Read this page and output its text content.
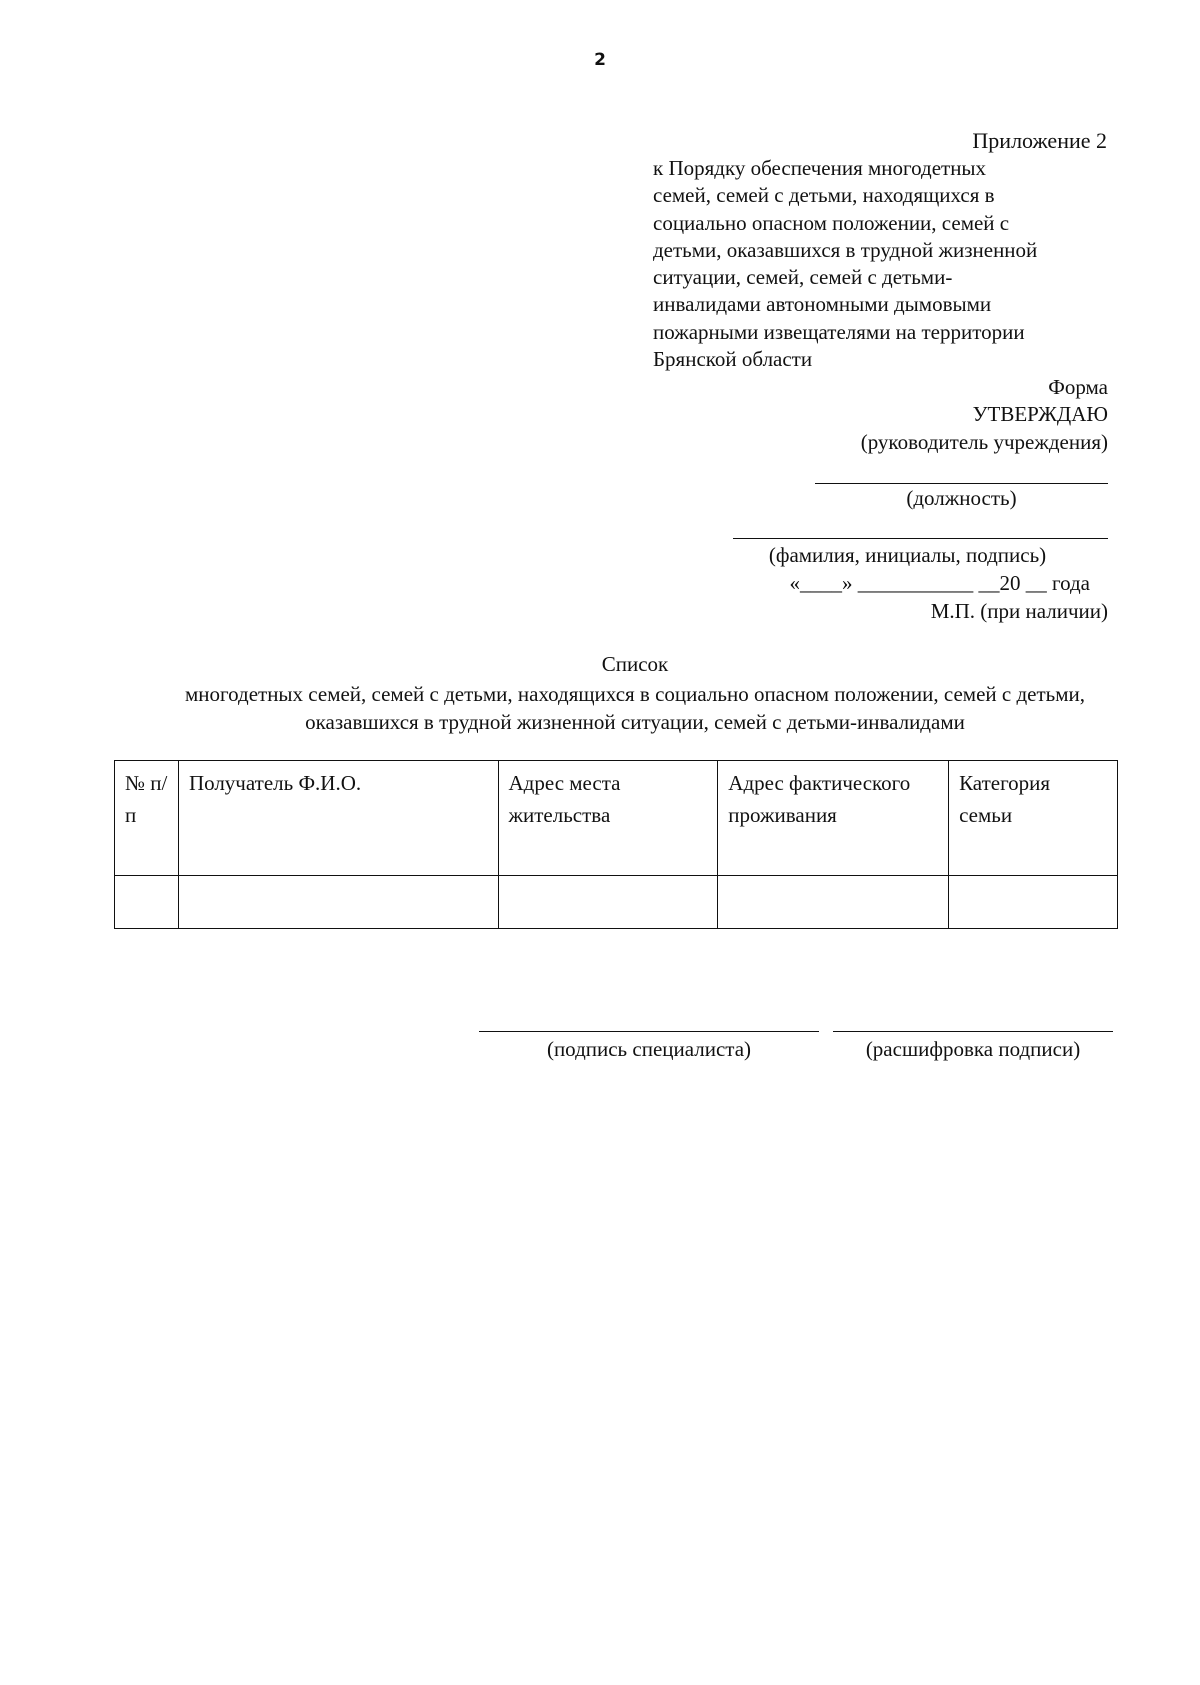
2
Приложение 2

к Порядку обеспечения многодетных
семей, семей с детьми, находящихся в
социально опасном положении, семей с
детьми, оказавшихся в трудной жизненной
ситуации, семей, семей с детьми-
инвалидами автономными дымовыми
пожарными извещателями на территории
Брянской области

Форма
УТВЕРЖДАЮ
(руководитель учреждения)
(должность)
(фамилия, инициалы, подпись)
«____» ___________ __20 __ года
М.П. (при наличии)
Список
многодетных семей, семей с детьми, находящихся в социально опасном положении, семей с детьми, оказавшихся в трудной жизненной ситуации, семей с детьми-инвалидами
№ п/п	Получатель Ф.И.О.	Адрес места жительства	Адрес фактического проживания	Категория семьи

(подпись специалиста)	(расшифровка подписи)
